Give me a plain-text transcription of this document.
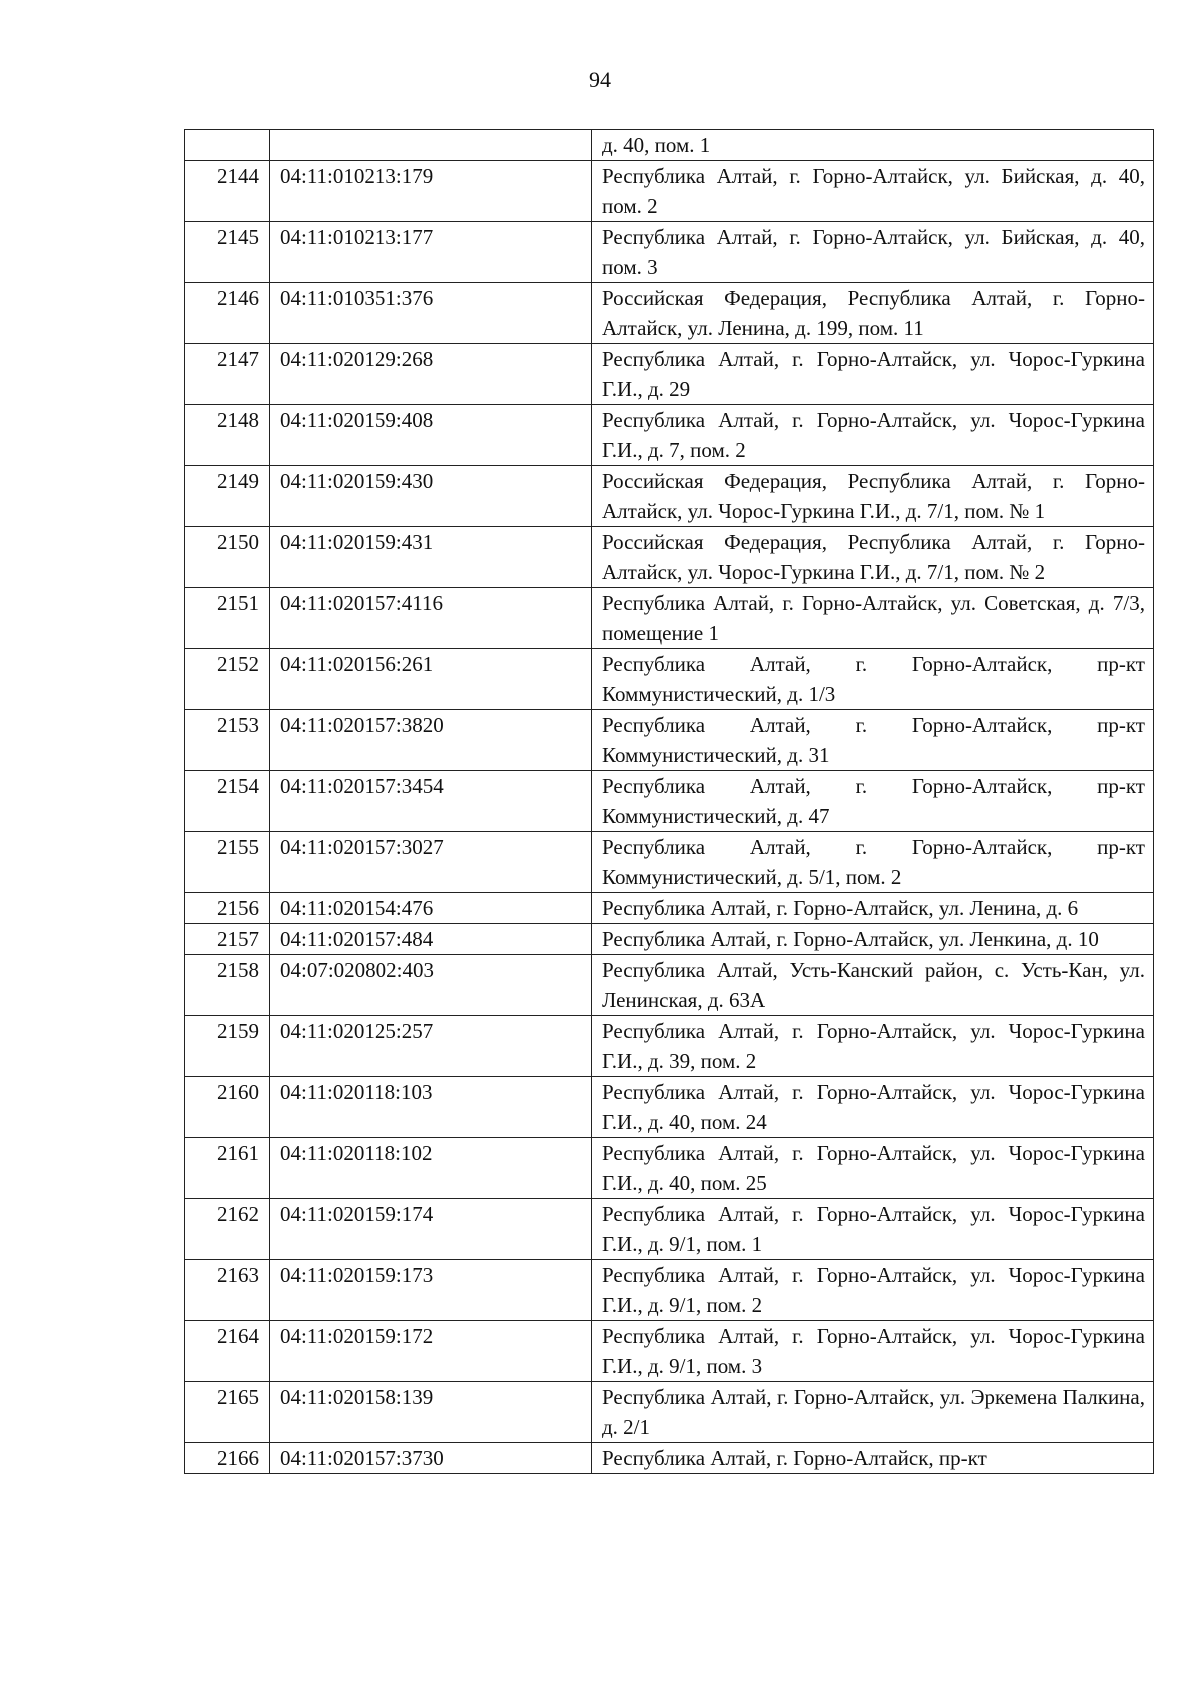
94
		д. 40, пом. 1
2144	04:11:010213:179	Республика Алтай, г. Горно-Алтайск, ул. Бийская, д. 40, пом. 2
2145	04:11:010213:177	Республика Алтай, г. Горно-Алтайск, ул. Бийская, д. 40, пом. 3
2146	04:11:010351:376	Российская Федерация, Республика Алтай, г. Горно-Алтайск, ул. Ленина, д. 199, пом. 11
2147	04:11:020129:268	Республика Алтай, г. Горно-Алтайск, ул. Чорос-Гуркина Г.И., д. 29
2148	04:11:020159:408	Республика Алтай, г. Горно-Алтайск, ул. Чорос-Гуркина Г.И., д. 7, пом. 2
2149	04:11:020159:430	Российская Федерация, Республика Алтай, г. Горно-Алтайск, ул. Чорос-Гуркина Г.И., д. 7/1, пом. № 1
2150	04:11:020159:431	Российская Федерация, Республика Алтай, г. Горно-Алтайск, ул. Чорос-Гуркина Г.И., д. 7/1, пом. № 2
2151	04:11:020157:4116	Республика Алтай, г. Горно-Алтайск, ул. Советская, д. 7/3, помещение 1
2152	04:11:020156:261	Республика Алтай, г. Горно-Алтайск, пр-кт Коммунистический, д. 1/3
2153	04:11:020157:3820	Республика Алтай, г. Горно-Алтайск, пр-кт Коммунистический, д. 31
2154	04:11:020157:3454	Республика Алтай, г. Горно-Алтайск, пр-кт Коммунистический, д. 47
2155	04:11:020157:3027	Республика Алтай, г. Горно-Алтайск, пр-кт Коммунистический, д. 5/1, пом. 2
2156	04:11:020154:476	Республика Алтай, г. Горно-Алтайск, ул. Ленина, д. 6
2157	04:11:020157:484	Республика Алтай, г. Горно-Алтайск, ул. Ленкина, д. 10
2158	04:07:020802:403	Республика Алтай, Усть-Канский район, с. Усть-Кан, ул. Ленинская, д. 63А
2159	04:11:020125:257	Республика Алтай, г. Горно-Алтайск, ул. Чорос-Гуркина Г.И., д. 39, пом. 2
2160	04:11:020118:103	Республика Алтай, г. Горно-Алтайск, ул. Чорос-Гуркина Г.И., д. 40, пом. 24
2161	04:11:020118:102	Республика Алтай, г. Горно-Алтайск, ул. Чорос-Гуркина Г.И., д. 40, пом. 25
2162	04:11:020159:174	Республика Алтай, г. Горно-Алтайск, ул. Чорос-Гуркина Г.И., д. 9/1, пом. 1
2163	04:11:020159:173	Республика Алтай, г. Горно-Алтайск, ул. Чорос-Гуркина Г.И., д. 9/1, пом. 2
2164	04:11:020159:172	Республика Алтай, г. Горно-Алтайск, ул. Чорос-Гуркина Г.И., д. 9/1, пом. 3
2165	04:11:020158:139	Республика Алтай, г. Горно-Алтайск, ул. Эркемена Палкина, д. 2/1
2166	04:11:020157:3730	Республика Алтай, г. Горно-Алтайск, пр-кт
